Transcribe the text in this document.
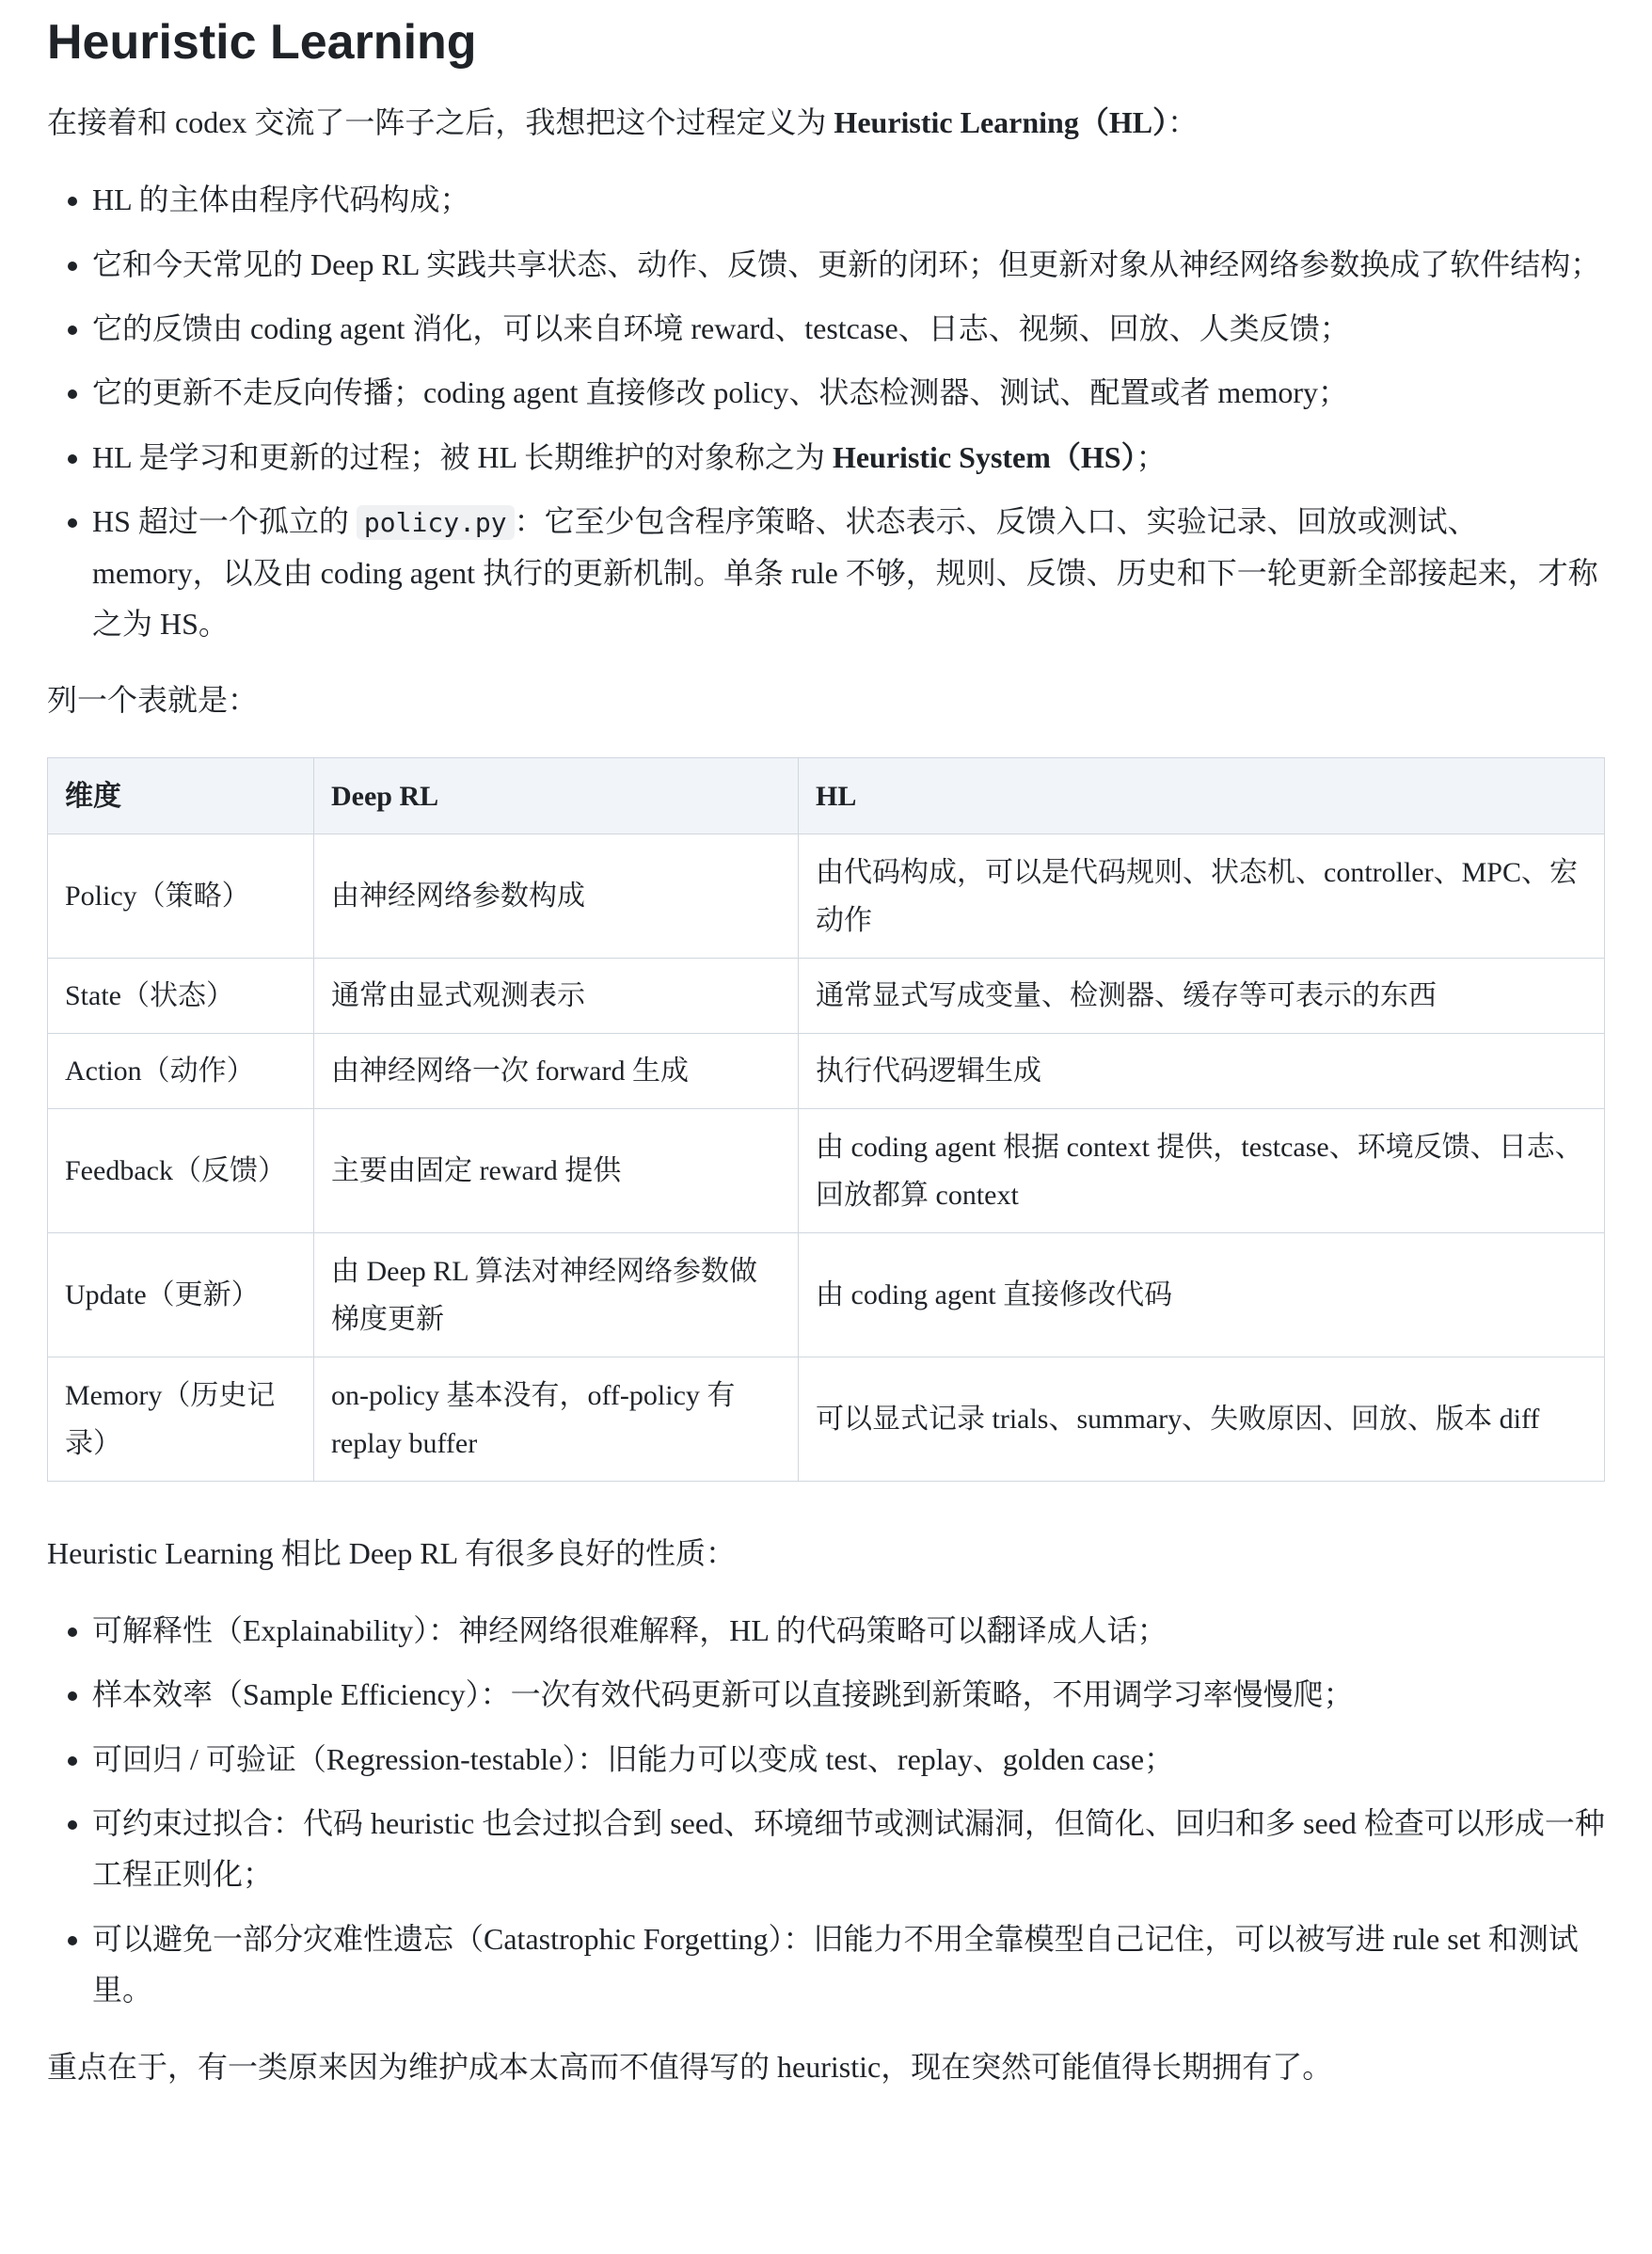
Heuristic Learning

在接着和 codex 交流了一阵子之后，我想把这个过程定义为 Heuristic Learning（HL）：

• HL 的主体由程序代码构成；
• 它和今天常见的 Deep RL 实践共享状态、动作、反馈、更新的闭环；但更新对象从神经网络参数换成了软件结构；
• 它的反馈由 coding agent 消化，可以来自环境 reward、testcase、日志、视频、回放、人类反馈；
• 它的更新不走反向传播；coding agent 直接修改 policy、状态检测器、测试、配置或者 memory；
• HL 是学习和更新的过程；被 HL 长期维护的对象称之为 Heuristic System（HS）；
• HS 超过一个孤立的 policy.py ：它至少包含程序策略、状态表示、反馈入口、实验记录、回放或测试、memory，以及由 coding agent 执行的更新机制。单条 rule 不够，规则、反馈、历史和下一轮更新全部接起来，才称之为 HS。

列一个表就是：

维度	Deep RL	HL
Policy（策略）	由神经网络参数构成	由代码构成，可以是代码规则、状态机、controller、MPC、宏动作
State（状态）	通常由显式观测表示	通常显式写成变量、检测器、缓存等可表示的东西
Action（动作）	由神经网络一次 forward 生成	执行代码逻辑生成
Feedback（反馈）	主要由固定 reward 提供	由 coding agent 根据 context 提供，testcase、环境反馈、日志、回放都算 context
Update（更新）	由 Deep RL 算法对神经网络参数做梯度更新	由 coding agent 直接修改代码
Memory（历史记录）	on-policy 基本没有，off-policy 有 replay buffer	可以显式记录 trials、summary、失败原因、回放、版本 diff

Heuristic Learning 相比 Deep RL 有很多良好的性质：

• 可解释性（Explainability）：神经网络很难解释，HL 的代码策略可以翻译成人话；
• 样本效率（Sample Efficiency）：一次有效代码更新可以直接跳到新策略，不用调学习率慢慢爬；
• 可回归 / 可验证（Regression-testable）：旧能力可以变成 test、replay、golden case；
• 可约束过拟合：代码 heuristic 也会过拟合到 seed、环境细节或测试漏洞，但简化、回归和多 seed 检查可以形成一种工程正则化；
• 可以避免一部分灾难性遗忘（Catastrophic Forgetting）：旧能力不用全靠模型自己记住，可以被写进 rule set 和测试里。

重点在于，有一类原来因为维护成本太高而不值得写的 heuristic，现在突然可能值得长期拥有了。
